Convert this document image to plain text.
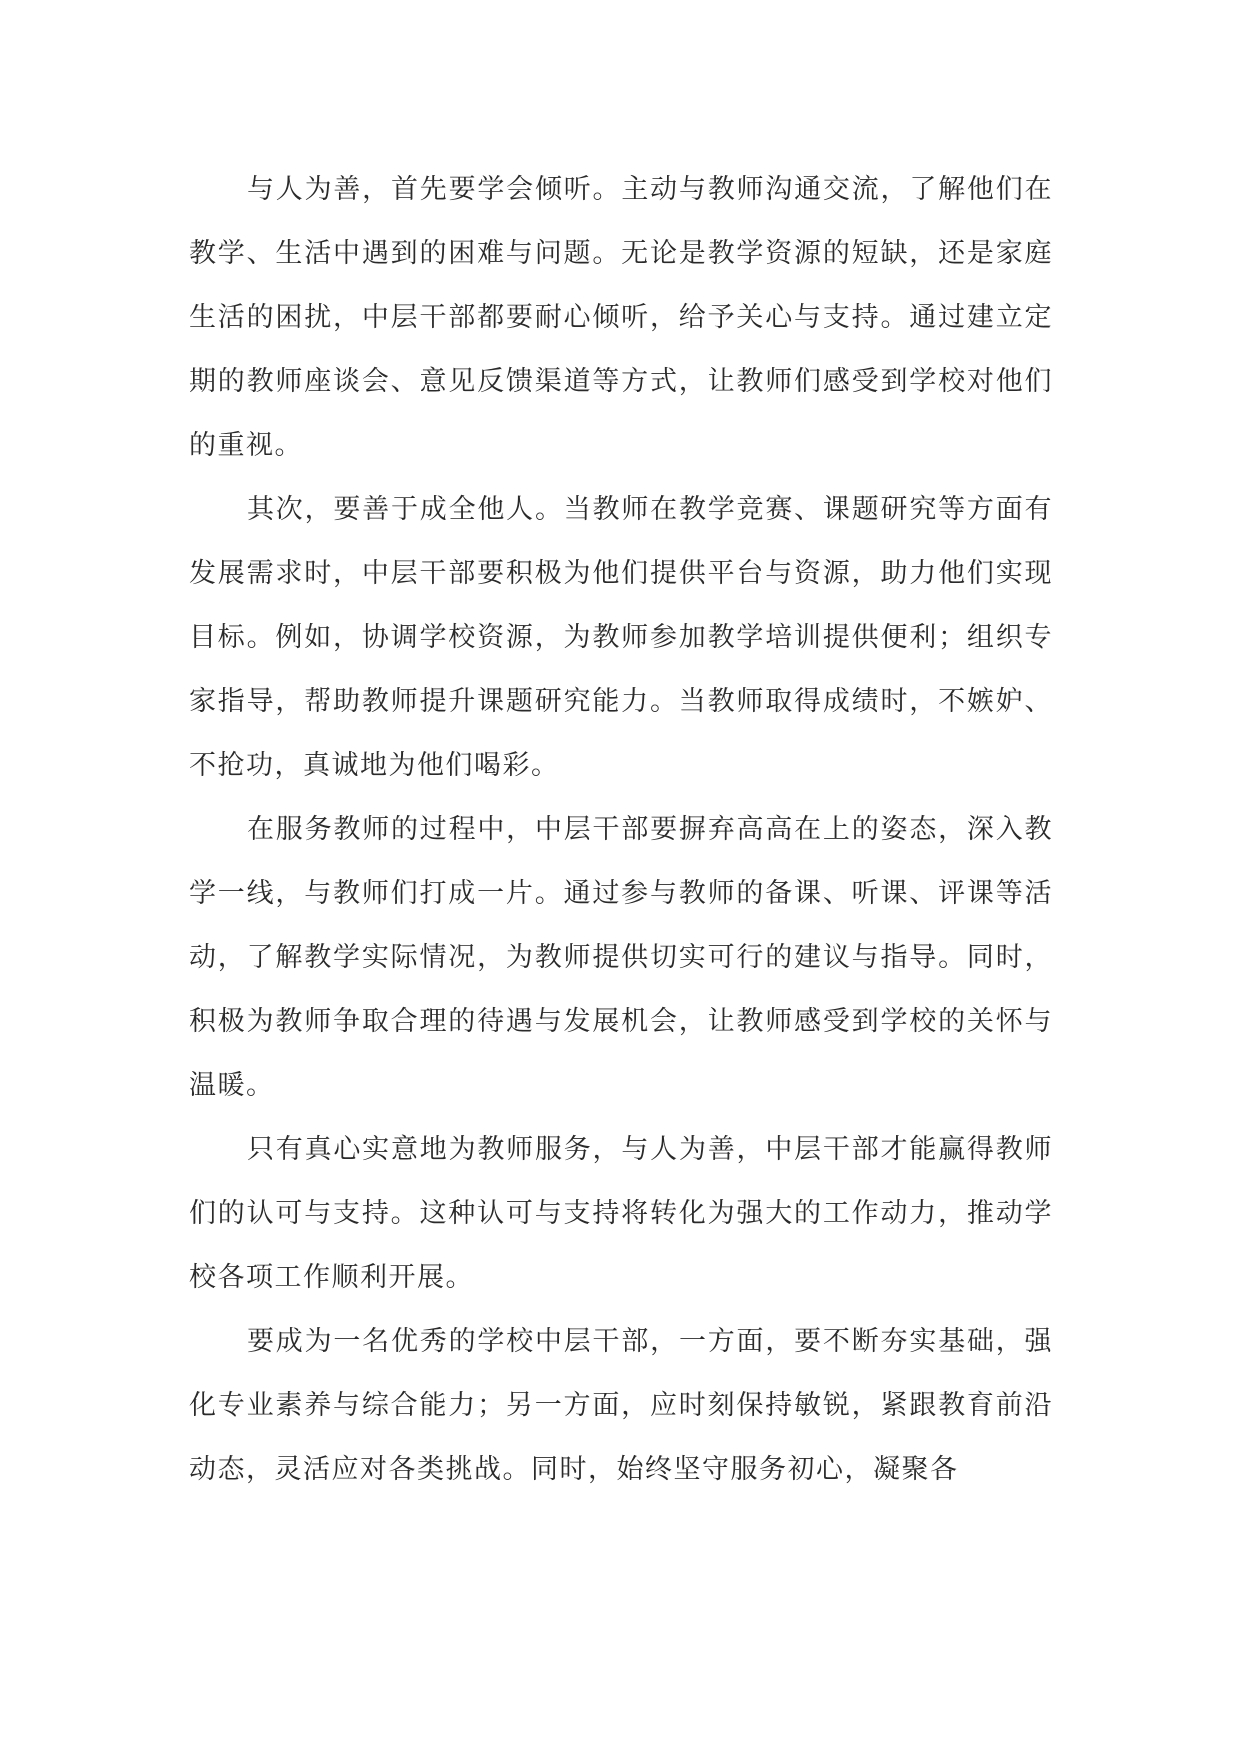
与人为善，首先要学会倾听。主动与教师沟通交流，了解他们在教学、生活中遇到的困难与问题。无论是教学资源的短缺，还是家庭生活的困扰，中层干部都要耐心倾听，给予关心与支持。通过建立定期的教师座谈会、意见反馈渠道等方式，让教师们感受到学校对他们的重视。

其次，要善于成全他人。当教师在教学竞赛、课题研究等方面有发展需求时，中层干部要积极为他们提供平台与资源，助力他们实现目标。例如，协调学校资源，为教师参加教学培训提供便利；组织专家指导，帮助教师提升课题研究能力。当教师取得成绩时，不嫉妒、不抢功，真诚地为他们喝彩。

在服务教师的过程中，中层干部要摒弃高高在上的姿态，深入教学一线，与教师们打成一片。通过参与教师的备课、听课、评课等活动，了解教学实际情况，为教师提供切实可行的建议与指导。同时，积极为教师争取合理的待遇与发展机会，让教师感受到学校的关怀与温暖。

只有真心实意地为教师服务，与人为善，中层干部才能赢得教师们的认可与支持。这种认可与支持将转化为强大的工作动力，推动学校各项工作顺利开展。

要成为一名优秀的学校中层干部，一方面，要不断夯实基础，强化专业素养与综合能力；另一方面，应时刻保持敏锐，紧跟教育前沿动态，灵活应对各类挑战。同时，始终坚守服务初心，凝聚各
